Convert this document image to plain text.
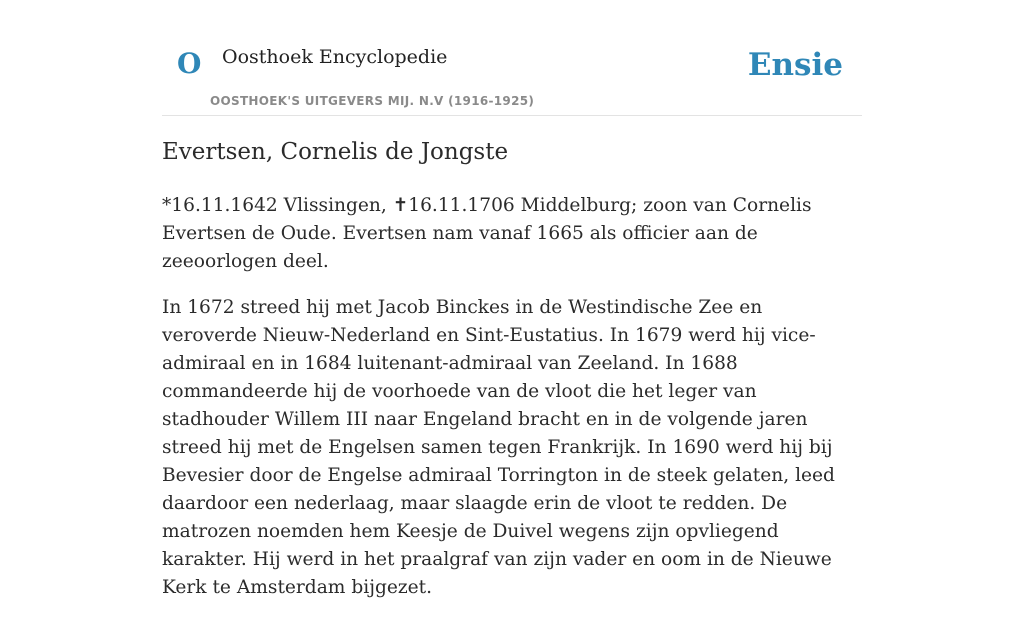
O Oosthoek Encyclopedie
OOSTHOEK'S UITGEVERS MIJ. N.V (1916-1925)
Ensie
Evertsen, Cornelis de Jongste

*16.11.1642 Vlissingen, ✝16.11.1706 Middelburg; zoon van Cornelis Evertsen de Oude. Evertsen nam vanaf 1665 als officier aan de zeeoorlogen deel.

In 1672 streed hij met Jacob Binckes in de Westindische Zee en veroverde Nieuw-Nederland en Sint-Eustatius. In 1679 werd hij vice-admiraal en in 1684 luitenant-admiraal van Zeeland. In 1688 commandeerde hij de voorhoede van de vloot die het leger van stadhouder Willem III naar Engeland bracht en in de volgende jaren streed hij met de Engelsen samen tegen Frankrijk. In 1690 werd hij bij Bevesier door de Engelse admiraal Torrington in de steek gelaten, leed daardoor een nederlaag, maar slaagde erin de vloot te redden. De matrozen noemden hem Keesje de Duivel wegens zijn opvliegend karakter. Hij werd in het praalgraf van zijn vader en oom in de Nieuwe Kerk te Amsterdam bijgezet.
